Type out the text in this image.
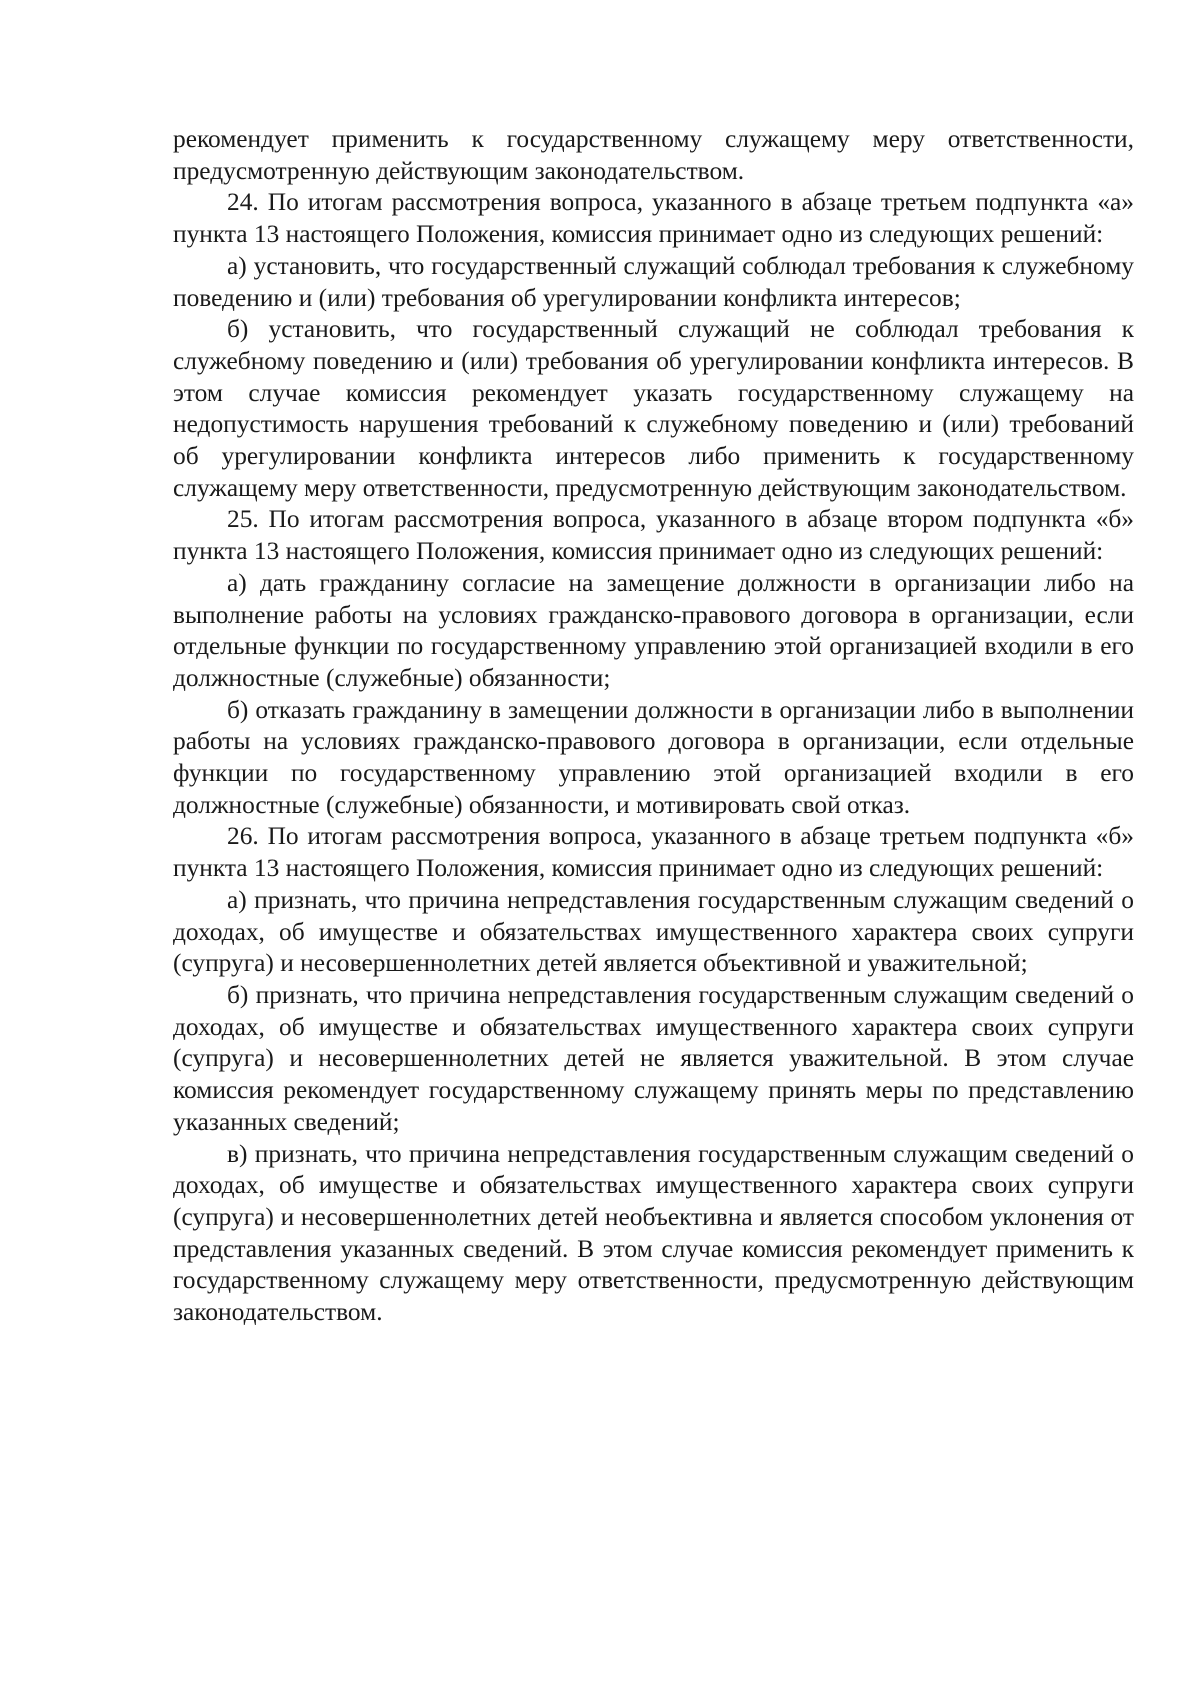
рекомендует применить к государственному служащему меру ответственности, предусмотренную действующим законодательством.

24. По итогам рассмотрения вопроса, указанного в абзаце третьем подпункта «а» пункта 13 настоящего Положения, комиссия принимает одно из следующих решений:

а) установить, что государственный служащий соблюдал требования к служебному поведению и (или) требования об урегулировании конфликта интересов;

б) установить, что государственный служащий не соблюдал требования к служебному поведению и (или) требования об урегулировании конфликта интересов. В этом случае комиссия рекомендует указать государственному служащему на недопустимость нарушения требований к служебному поведению и (или) требований об урегулировании конфликта интересов либо применить к государственному служащему меру ответственности, предусмотренную действующим законодательством.

25. По итогам рассмотрения вопроса, указанного в абзаце втором подпункта «б» пункта 13 настоящего Положения, комиссия принимает одно из следующих решений:

а) дать гражданину согласие на замещение должности в организации либо на выполнение работы на условиях гражданско-правового договора в организации, если отдельные функции по государственному управлению этой организацией входили в его должностные (служебные) обязанности;

б) отказать гражданину в замещении должности в организации либо в выполнении работы на условиях гражданско-правового договора в организации, если отдельные функции по государственному управлению этой организацией входили в его должностные (служебные) обязанности, и мотивировать свой отказ.

26. По итогам рассмотрения вопроса, указанного в абзаце третьем подпункта «б» пункта 13 настоящего Положения, комиссия принимает одно из следующих решений:

а) признать, что причина непредставления государственным служащим сведений о доходах, об имуществе и обязательствах имущественного характера своих супруги (супруга) и несовершеннолетних детей является объективной и уважительной;

б) признать, что причина непредставления государственным служащим сведений о доходах, об имуществе и обязательствах имущественного характера своих супруги (супруга) и несовершеннолетних детей не является уважительной. В этом случае комиссия рекомендует государственному служащему принять меры по представлению указанных сведений;

в) признать, что причина непредставления государственным служащим сведений о доходах, об имуществе и обязательствах имущественного характера своих супруги (супруга) и несовершеннолетних детей необъективна и является способом уклонения от представления указанных сведений. В этом случае комиссия рекомендует применить к государственному служащему меру ответственности, предусмотренную действующим законодательством.
